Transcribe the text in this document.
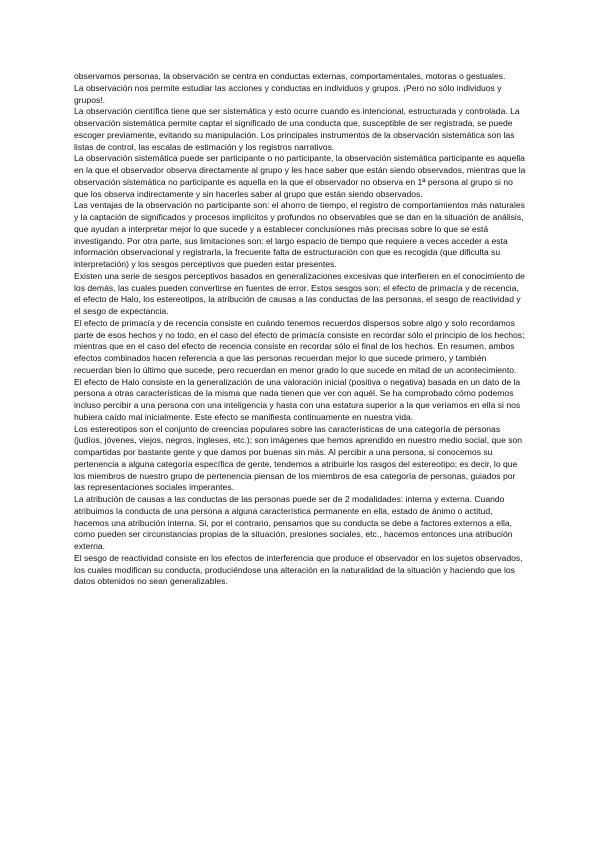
observamos personas, la observación se centra en conductas externas, comportamentales, motoras o gestuales.

La observación nos permite estudiar las acciones y conductas en individuos y grupos. ¡Pero no sólo individuos y grupos!.

La observación científica tiene que ser sistemática y esto ocurre cuando es intencional, estructurada y controlada. La observación sistemática permite captar el significado de una conducta que, susceptible de ser registrada, se puede escoger previamente, evitando su manipulación. Los principales instrumentos de la observación sistemática son las listas de control, las escalas de estimación y los registros narrativos.

La observación sistemática puede ser participante o no participante, la observación sistemática participante es aquella en la que el observador observa directamente al grupo y les hace saber que están siendo observados, mientras que la observación sistemática no participante es aquella en la que el observador no observa en 1ª persona al grupo si no que los observa indirectamente y sin hacerles saber al grupo que están siendo observados.

Las ventajas de la observación no participante son: el ahorro de tiempo, el registro de comportamientos más naturales y la captación de significados y procesos implícitos y profundos no observables que se dan en la situación de análisis, que ayudan a interpretar mejor lo que sucede y a establecer conclusiones más precisas sobre lo que se está investigando. Por otra parte, sus limitaciones son: el largo espacio de tiempo que requiere a veces acceder a esta información observacional y registrarla, la frecuente falta de estructuración con que es recogida (que dificulta su interpretación) y los sesgos perceptivos que pueden estar presentes.

Existen una serie de sesgos perceptivos basados en generalizaciones excesivas que interfieren en el conocimiento de los demás, las cuales pueden convertirse en fuentes de error. Estos sesgos son: el efecto de primacía y de recencia, el efecto de Halo, los estereotipos, la atribución de causas a las conductas de las personas, el sesgo de reactividad y el sesgo de expectancia.

El efecto de primacía y de recencia consiste en cuándo tenemos recuerdos dispersos sobre algo y solo recordamos parte de esos hechos y no todo, en el caso del efecto de primacía consiste en recordar sólo el principio de los hechos; mientras que en el caso del efecto de recencia consiste en recordar sólo el final de los hechos. En resumen, ambos efectos combinados hacen referencia a que las personas recuerdan mejor lo que sucede primero, y también recuerdan bien lo último que sucede, pero recuerdan en menor grado lo que sucede en mitad de un acontecimiento.

El efecto de Halo consiste en la generalización de una valoración inicial (positiva o negativa) basada en un dato de la persona a otras características de la misma que nada tienen que ver con aquél. Se ha comprobado cómo podemos incluso percibir a una persona con una inteligencia y hasta con una estatura superior a la que veríamos en ella si nos hubiera caído mal inicialmente. Este efecto se manifiesta continuamente en nuestra vida.

Los estereotipos son el conjunto de creencias populares sobre las características de una categoría de personas (judíos, jóvenes, viejos, negros, ingleses, etc.); son imágenes que hemos aprendido en nuestro medio social, que son compartidas por bastante gente y que damos por buenas sin más. Al percibir a una persona, si conocemos su pertenencia a alguna categoría específica de gente, tendemos a atribuirle los rasgos del estereotipo; es decir, lo que los miembros de nuestro grupo de pertenencia piensan de los miembros de esa categoría de personas, guiados por las representaciones sociales imperantes.

La atribución de causas a las conductas de las personas puede ser de 2 modalidades: interna y externa. Cuando atribuimos la conducta de una persona a alguna característica permanente en ella, estado de ánimo o actitud, hacemos una atribución interna. Si, por el contrario, pensamos que su conducta se debe a factores externos a ella, como pueden ser circunstancias propias de la situación, presiones sociales, etc., hacemos entonces una atribución externa.

El sesgo de reactividad consiste en los efectos de interferencia que produce el observador en los sujetos observados, los cuales modifican su conducta, produciéndose una alteración en la naturalidad de la situación y haciendo que los datos obtenidos no sean generalizables.
